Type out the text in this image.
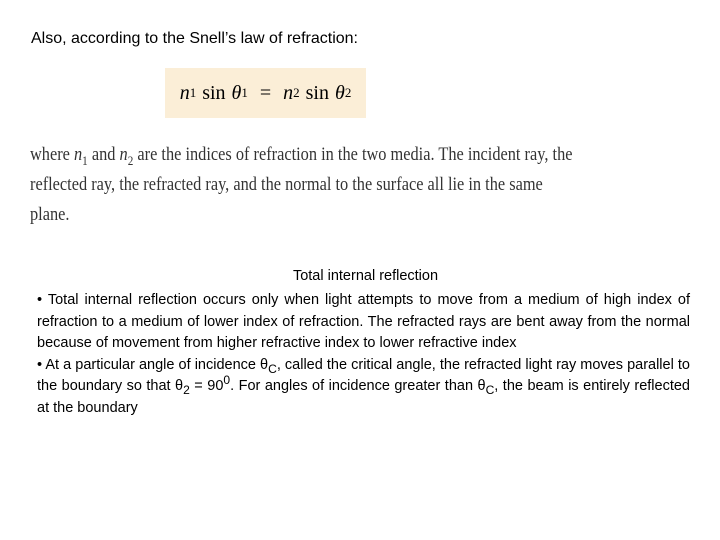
Also, according to the Snell’s law of refraction:
n 1 sin θ 1 = n 2 sin θ 2
where $n_1$ and $n_2$ are the indices of refraction in the two media. The incident ray, the reflected ray, the refracted ray, and the normal to the surface all lie in the same plane.
Total internal reflection

• Total internal reflection occurs only when light attempts to move from a medium of high index of refraction to a medium of lower index of refraction. The refracted rays are bent away from the normal because of movement from higher refractive index to lower refractive index

• At a particular angle of incidence $\theta_C$, called the critical angle, the refracted light ray moves parallel to the boundary so that $\theta_2 = 90^0$. For angles of incidence greater than $\theta_C$, the beam is entirely reflected at the boundary
